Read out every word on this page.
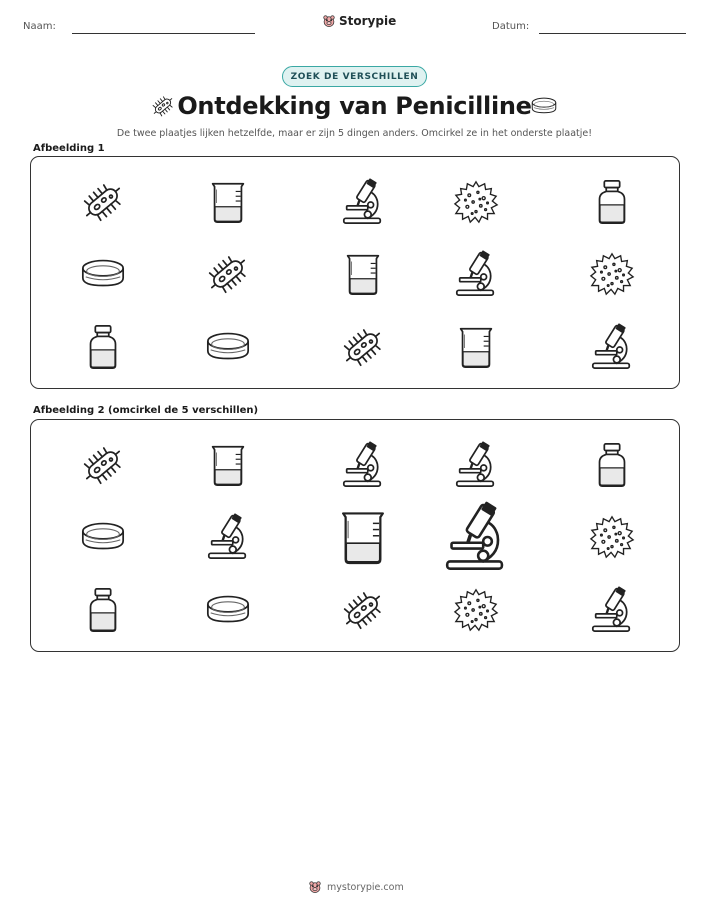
Naam:	Storypie	Datum:
ZOEK DE VERSCHILLEN
Ontdekking van Penicilline
De twee plaatjes lijken hetzelfde, maar er zijn 5 dingen anders. Omcirkel ze in het onderste plaatje!
Afbeelding 1
Afbeelding 2 (omcirkel de 5 verschillen)
mystorypie.com
